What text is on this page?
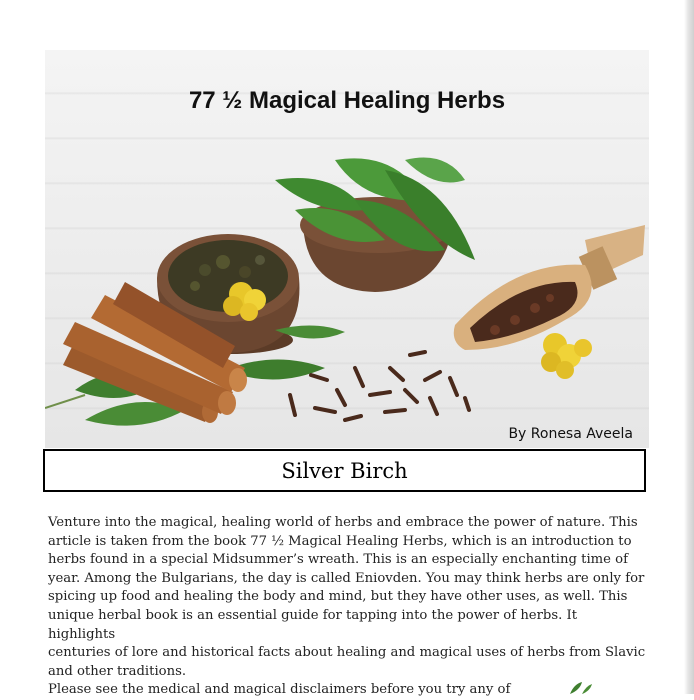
77 ½ Magical Healing Herbs
By Ronesa Aveela
Silver Birch

Venture into the magical, healing world of herbs and embrace the power of nature. This
article is taken from the book 77 ½ Magical Healing Herbs, which is an introduction to
herbs found in a special Midsummer’s wreath. This is an especially enchanting time of
year. Among the Bulgarians, the day is called Eniovden. You may think herbs are only for
spicing up food and healing the body and mind, but they have other uses, as well. This
unique herbal book is an essential guide for tapping into the power of herbs. It highlights
centuries of lore and historical facts about healing and magical uses of herbs from Slavic
and other traditions.

Please see the medical and magical disclaimers before you try any of
